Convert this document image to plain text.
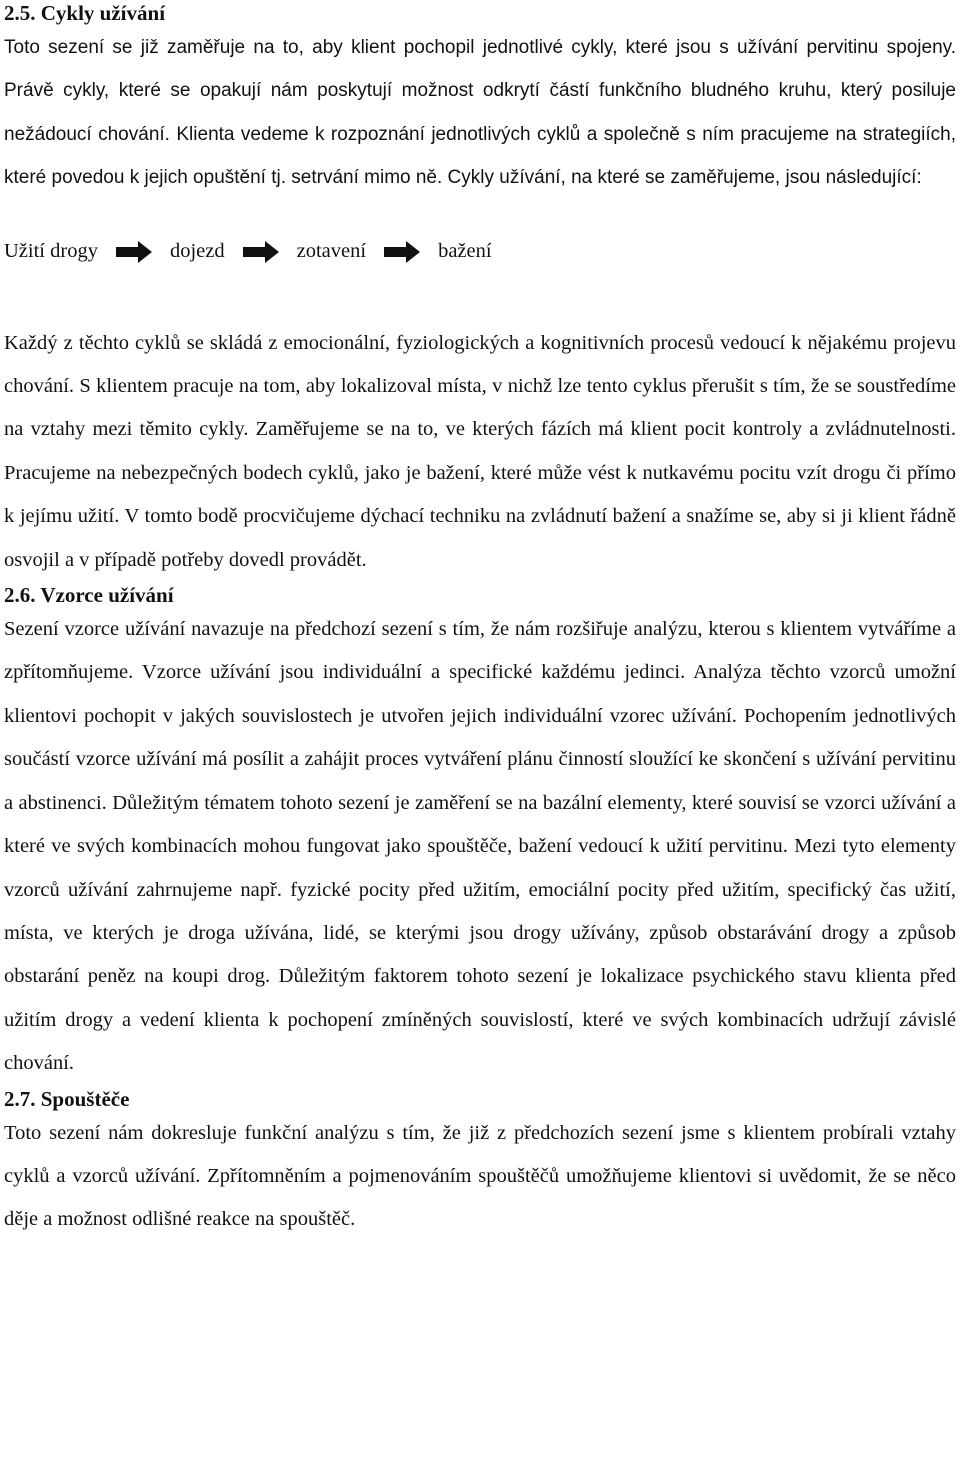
2.5. Cykly užívání

Toto sezení se již zaměřuje na to, aby klient pochopil jednotlivé cykly, které jsou s užívání pervitinu spojeny. Právě cykly, které se opakují nám poskytují možnost odkrytí částí funkčního bludného kruhu, který posiluje nežádoucí chování. Klienta vedeme k rozpoznání jednotlivých cyklů a společně s ním pracujeme na strategiích, které povedou k jejich opuštění tj. setrvání mimo ně. Cykly užívání, na které se zaměřujeme, jsou následující:

Užití drogy	dojezd	zotavení	bažení

Každý z těchto cyklů se skládá z emocionální, fyziologických a kognitivních procesů vedoucí k nějakému projevu chování. S klientem pracuje na tom, aby lokalizoval místa, v nichž lze tento cyklus přerušit s tím, že se soustředíme na vztahy mezi těmito cykly. Zaměřujeme se na to, ve kterých fázích má klient pocit kontroly a zvládnutelnosti. Pracujeme na nebezpečných bodech cyklů, jako je bažení, které může vést k nutkavému pocitu vzít drogu či přímo k jejímu užití. V tomto bodě procvičujeme dýchací techniku na zvládnutí bažení a snažíme se, aby si ji klient řádně osvojil a v případě potřeby dovedl provádět.

2.6. Vzorce užívání

Sezení vzorce užívání navazuje na předchozí sezení s tím, že nám rozšiřuje analýzu, kterou s klientem vytváříme a zpřítomňujeme. Vzorce užívání jsou individuální a specifické každému jedinci. Analýza těchto vzorců umožní klientovi pochopit v jakých souvislostech je utvořen jejich individuální vzorec užívání. Pochopením jednotlivých součástí vzorce užívání má posílit a zahájit proces vytváření plánu činností sloužící ke skončení s užívání pervitinu a abstinenci. Důležitým tématem tohoto sezení je zaměření se na bazální elementy, které souvisí se vzorci užívání a které ve svých kombinacích mohou fungovat jako spouštěče, bažení vedoucí k užití pervitinu. Mezi tyto elementy vzorců užívání zahrnujeme např. fyzické pocity před užitím, emociální pocity před užitím, specifický čas užití, místa, ve kterých je droga užívána, lidé, se kterými jsou drogy užívány, způsob obstarávání drogy a způsob obstarání peněz na koupi drog. Důležitým faktorem tohoto sezení je lokalizace psychického stavu klienta před užitím drogy a vedení klienta k pochopení zmíněných souvislostí, které ve svých kombinacích udržují závislé chování.

2.7. Spouštěče

Toto sezení nám dokresluje funkční analýzu s tím, že již z předchozích sezení jsme s klientem probírali vztahy cyklů a vzorců užívání. Zpřítomněním a pojmenováním spouštěčů umožňujeme klientovi si uvědomit, že se něco děje a možnost odlišné reakce na spouštěč.
